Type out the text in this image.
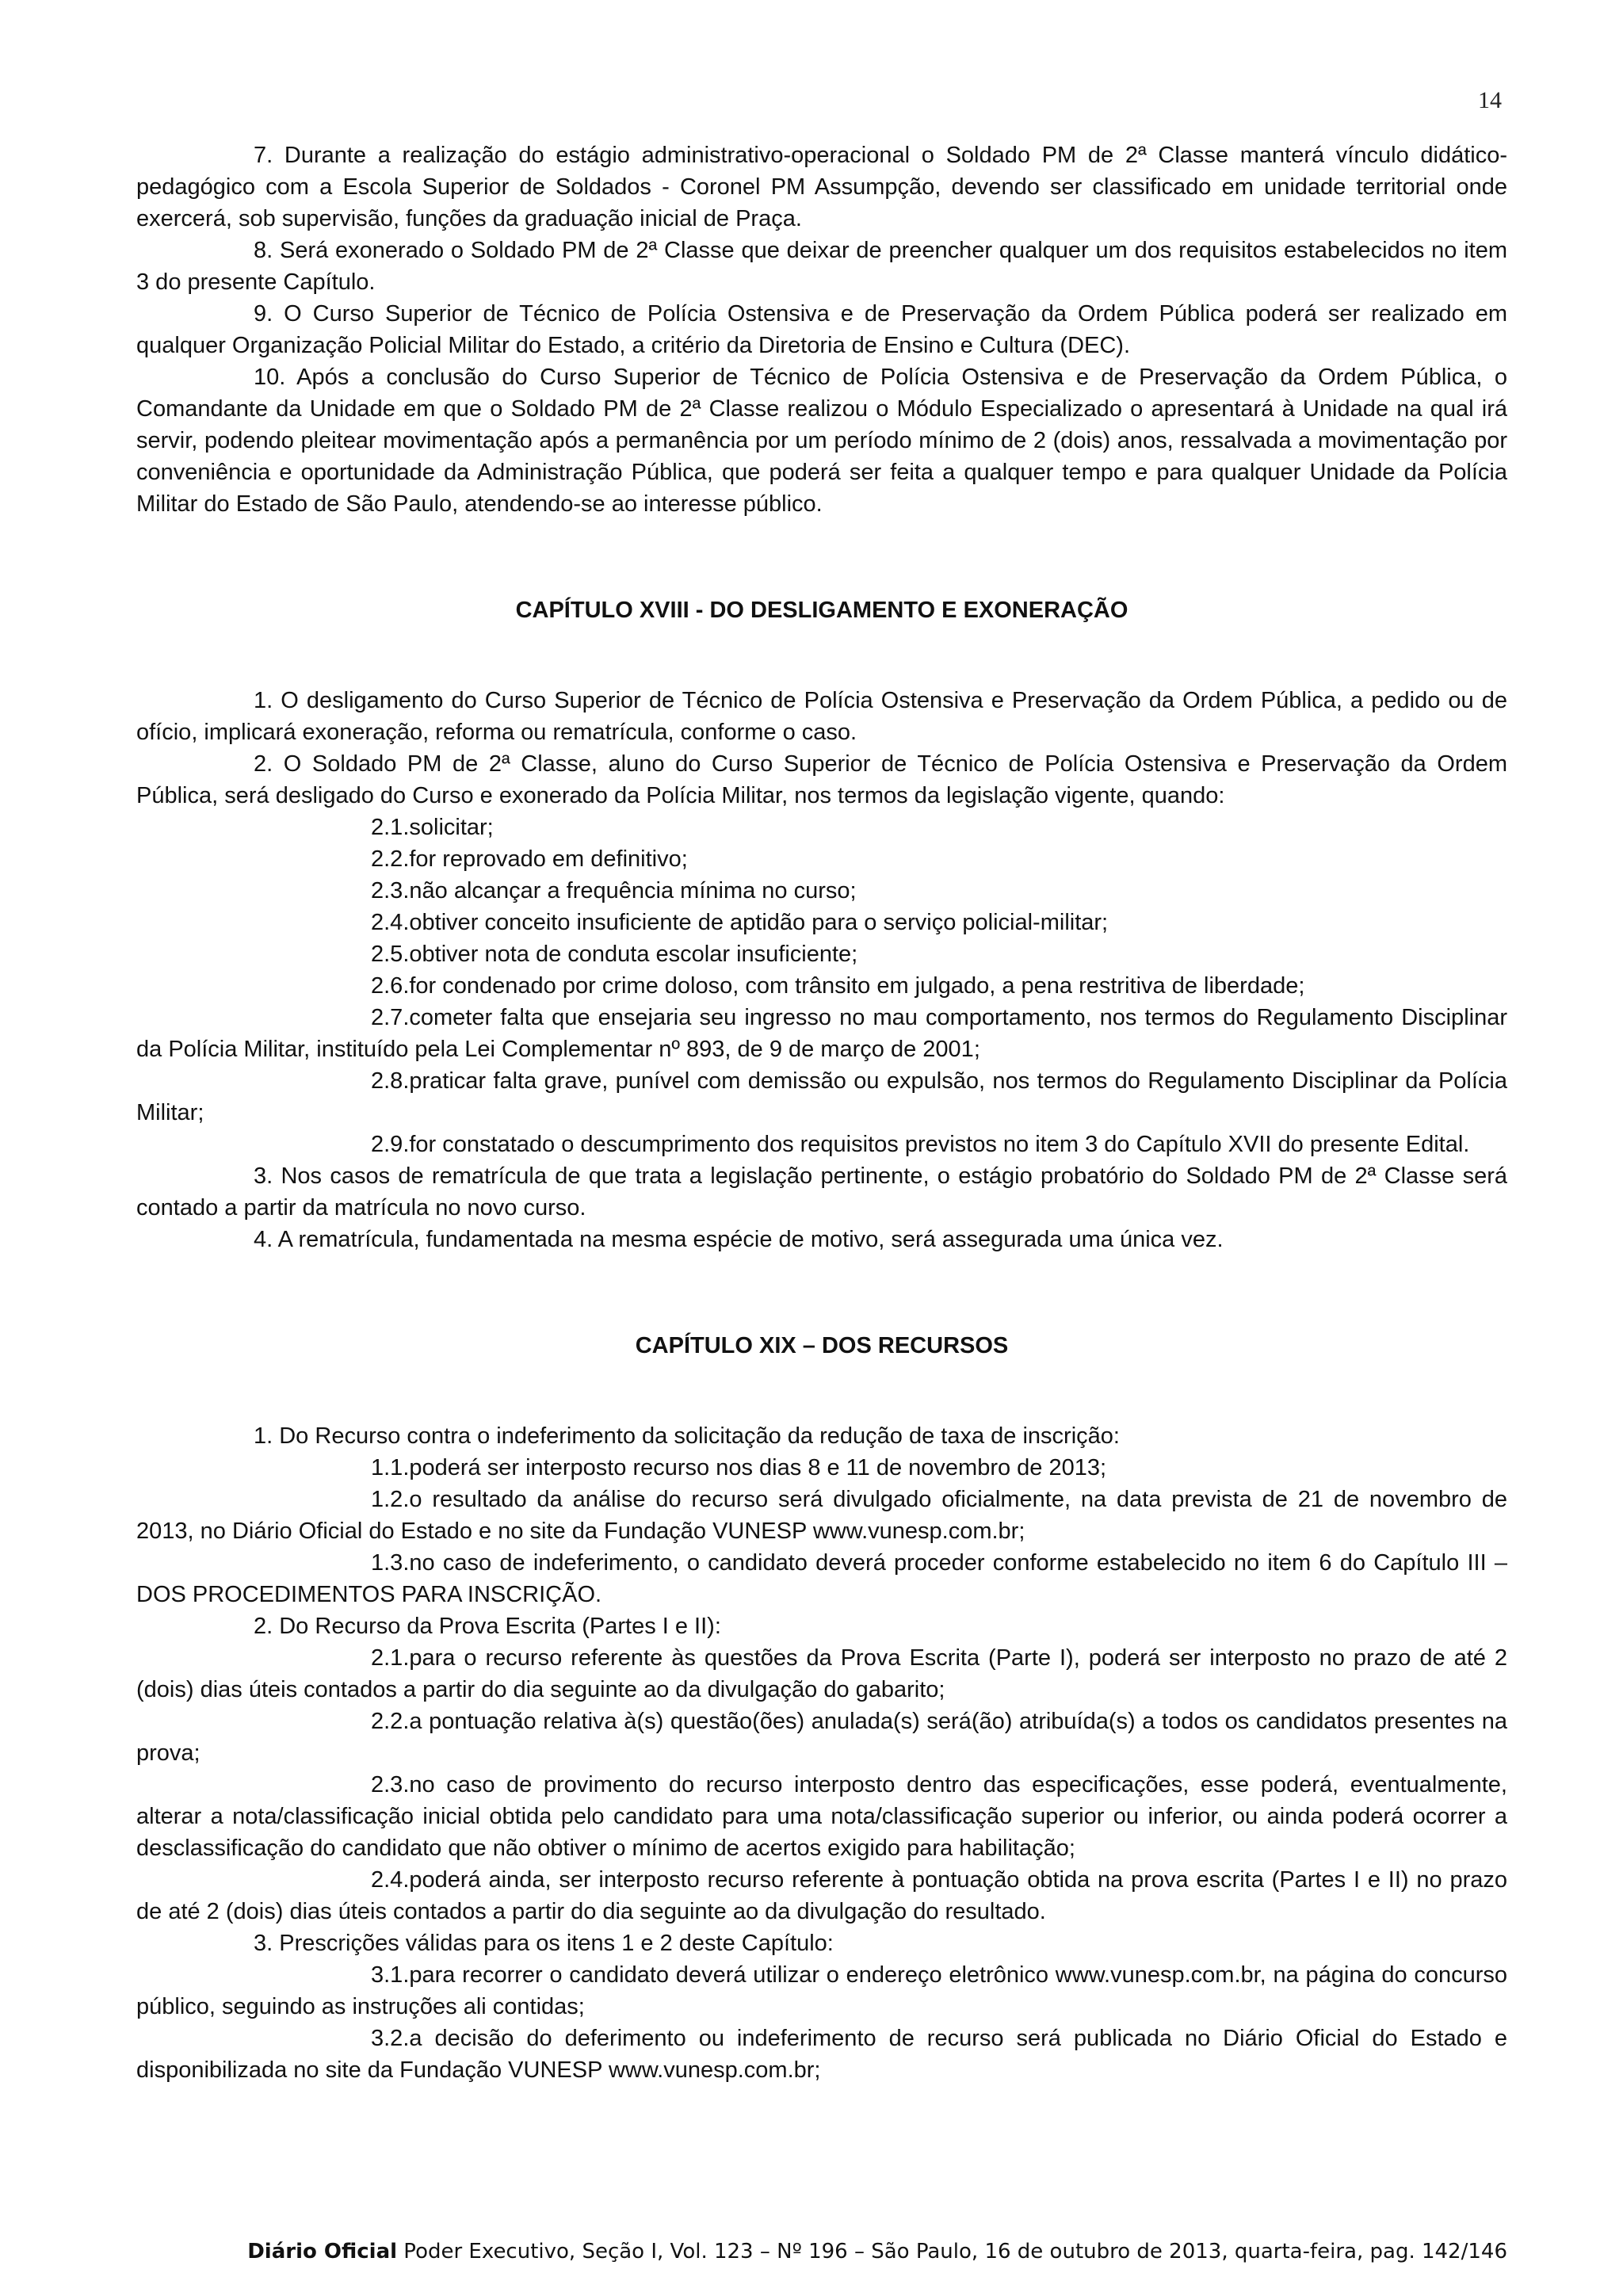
14

7. Durante a realização do estágio administrativo-operacional o Soldado PM de 2ª Classe manterá vínculo didático-pedagógico com a Escola Superior de Soldados - Coronel PM Assumpção, devendo ser classificado em unidade territorial onde exercerá, sob supervisão, funções da graduação inicial de Praça.

8. Será exonerado o Soldado PM de 2ª Classe que deixar de preencher qualquer um dos requisitos estabelecidos no item 3 do presente Capítulo.

9. O Curso Superior de Técnico de Polícia Ostensiva e de Preservação da Ordem Pública poderá ser realizado em qualquer Organização Policial Militar do Estado, a critério da Diretoria de Ensino e Cultura (DEC).

10. Após a conclusão do Curso Superior de Técnico de Polícia Ostensiva e de Preservação da Ordem Pública, o Comandante da Unidade em que o Soldado PM de 2ª Classe realizou o Módulo Especializado o apresentará à Unidade na qual irá servir, podendo pleitear movimentação após a permanência por um período mínimo de 2 (dois) anos, ressalvada a movimentação por conveniência e oportunidade da Administração Pública, que poderá ser feita a qualquer tempo e para qualquer Unidade da Polícia Militar do Estado de São Paulo, atendendo-se ao interesse público.

CAPÍTULO XVIII - DO DESLIGAMENTO E EXONERAÇÃO

1. O desligamento do Curso Superior de Técnico de Polícia Ostensiva e Preservação da Ordem Pública, a pedido ou de ofício, implicará exoneração, reforma ou rematrícula, conforme o caso.

2. O Soldado PM de 2ª Classe, aluno do Curso Superior de Técnico de Polícia Ostensiva e Preservação da Ordem Pública, será desligado do Curso e exonerado da Polícia Militar, nos termos da legislação vigente, quando:

2.1.solicitar;

2.2.for reprovado em definitivo;

2.3.não alcançar a frequência mínima no curso;

2.4.obtiver conceito insuficiente de aptidão para o serviço policial-militar;

2.5.obtiver nota de conduta escolar insuficiente;

2.6.for condenado por crime doloso, com trânsito em julgado, a pena restritiva de liberdade;

2.7.cometer falta que ensejaria seu ingresso no mau comportamento, nos termos do Regulamento Disciplinar da Polícia Militar, instituído pela Lei Complementar nº 893, de 9 de março de 2001;

2.8.praticar falta grave, punível com demissão ou expulsão, nos termos do Regulamento Disciplinar da Polícia Militar;

2.9.for constatado o descumprimento dos requisitos previstos no item 3 do Capítulo XVII do presente Edital.

3. Nos casos de rematrícula de que trata a legislação pertinente, o estágio probatório do Soldado PM de 2ª Classe será contado a partir da matrícula no novo curso.

4. A rematrícula, fundamentada na mesma espécie de motivo, será assegurada uma única vez.

CAPÍTULO XIX – DOS RECURSOS

1. Do Recurso contra o indeferimento da solicitação da redução de taxa de inscrição:

1.1.poderá ser interposto recurso nos dias 8 e 11 de novembro de 2013;

1.2.o resultado da análise do recurso será divulgado oficialmente, na data prevista de 21 de novembro de 2013, no Diário Oficial do Estado e no site da Fundação VUNESP www.vunesp.com.br;

1.3.no caso de indeferimento, o candidato deverá proceder conforme estabelecido no item 6 do Capítulo III – DOS PROCEDIMENTOS PARA INSCRIÇÃO.

2. Do Recurso da Prova Escrita (Partes I e II):

2.1.para o recurso referente às questões da Prova Escrita (Parte I), poderá ser interposto no prazo de até 2 (dois) dias úteis contados a partir do dia seguinte ao da divulgação do gabarito;

2.2.a pontuação relativa à(s) questão(ões) anulada(s) será(ão) atribuída(s) a todos os candidatos presentes na prova;

2.3.no caso de provimento do recurso interposto dentro das especificações, esse poderá, eventualmente, alterar a nota/classificação inicial obtida pelo candidato para uma nota/classificação superior ou inferior, ou ainda poderá ocorrer a desclassificação do candidato que não obtiver o mínimo de acertos exigido para habilitação;

2.4.poderá ainda, ser interposto recurso referente à pontuação obtida na prova escrita (Partes I e II) no prazo de até 2 (dois) dias úteis contados a partir do dia seguinte ao da divulgação do resultado.

3. Prescrições válidas para os itens 1 e 2 deste Capítulo:

3.1.para recorrer o candidato deverá utilizar o endereço eletrônico www.vunesp.com.br, na página do concurso público, seguindo as instruções ali contidas;

3.2.a decisão do deferimento ou indeferimento de recurso será publicada no Diário Oficial do Estado e disponibilizada no site da Fundação VUNESP www.vunesp.com.br;

Diário Oficial Poder Executivo, Seção I, Vol. 123 – Nº 196 – São Paulo, 16 de outubro de 2013, quarta-feira, pag. 142/146
